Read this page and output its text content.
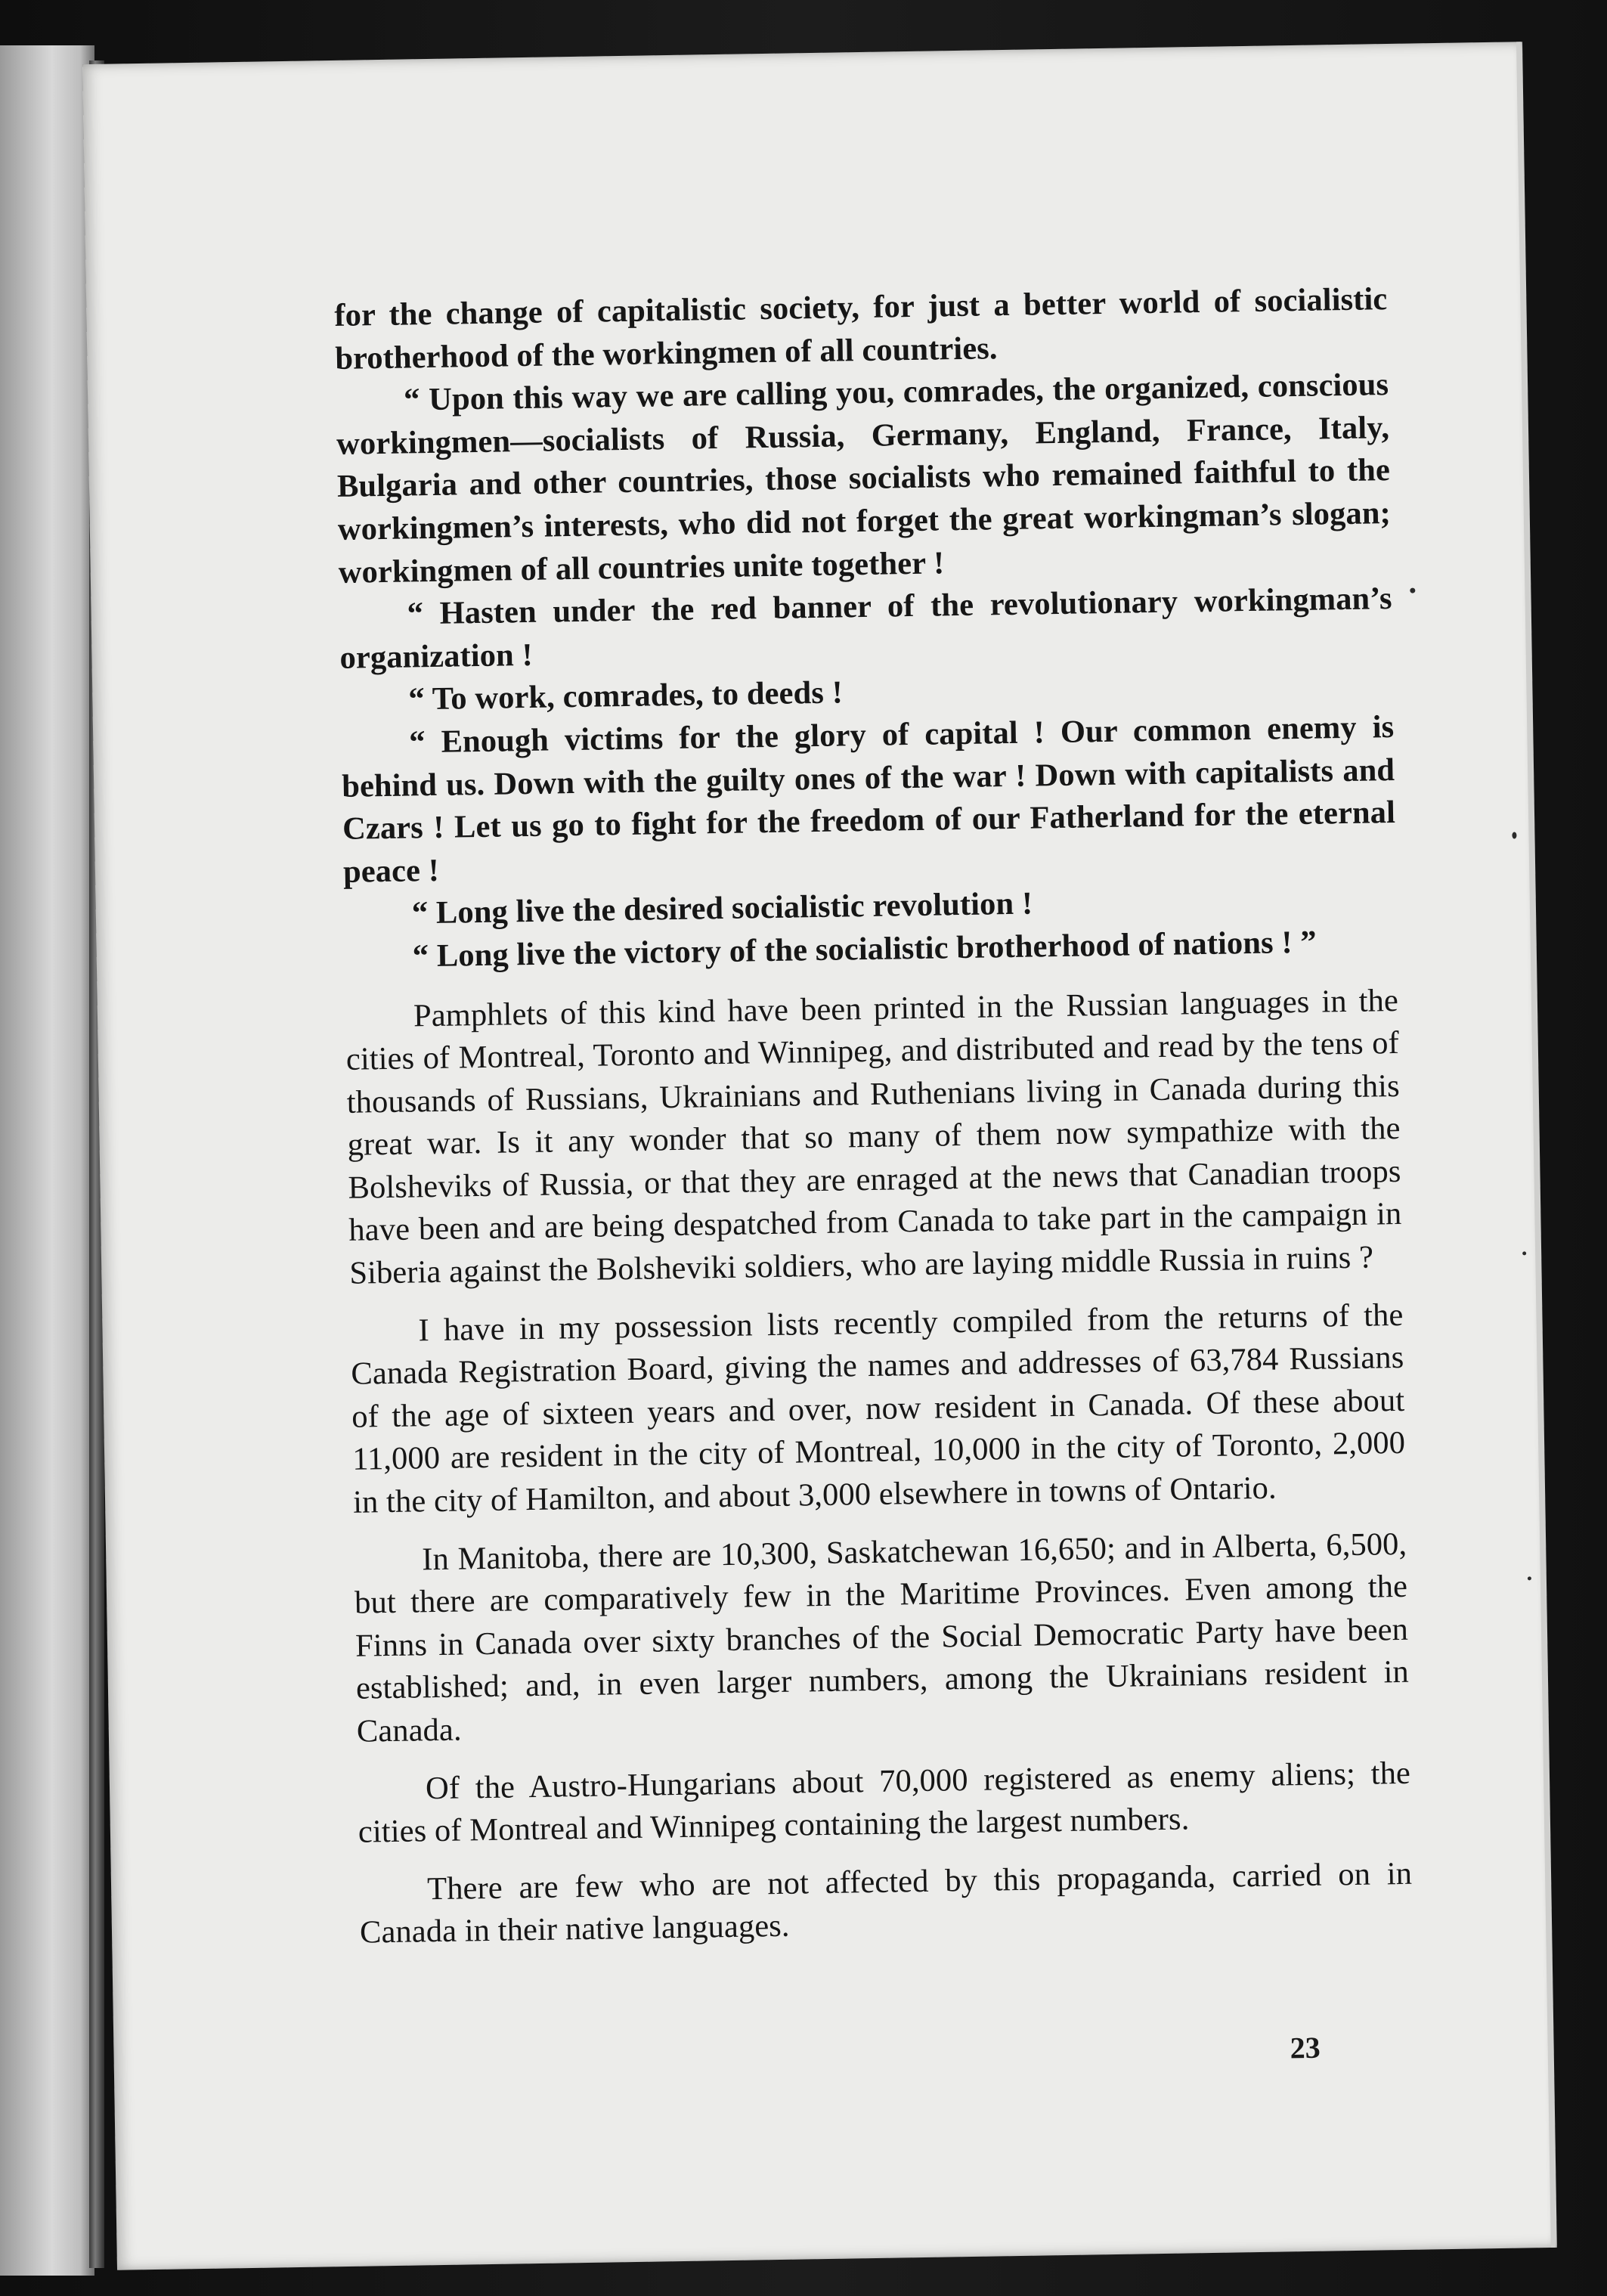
for the change of capitalistic society, for just a better world of socialistic brotherhood of the workingmen of all countries.

“ Upon this way we are calling you, comrades, the organized, conscious workingmen—socialists of Russia, Germany, England, France, Italy, Bulgaria and other countries, those socialists who remained faithful to the workingmen’s interests, who did not forget the great workingman’s slogan; workingmen of all countries unite together !

“ Hasten under the red banner of the revolutionary workingman’s organization !

“ To work, comrades, to deeds !

“ Enough victims for the glory of capital ! Our common enemy is behind us. Down with the guilty ones of the war ! Down with capitalists and Czars ! Let us go to fight for the freedom of our Fatherland for the eternal peace !

“ Long live the desired socialistic revolution !

“ Long live the victory of the socialistic brotherhood of nations ! ”

Pamphlets of this kind have been printed in the Russian languages in the cities of Montreal, Toronto and Winnipeg, and distributed and read by the tens of thousands of Russians, Ukrainians and Ruthenians living in Canada during this great war. Is it any wonder that so many of them now sympathize with the Bolsheviks of Russia, or that they are enraged at the news that Canadian troops have been and are being despatched from Canada to take part in the campaign in Siberia against the Bolsheviki soldiers, who are laying middle Russia in ruins ?

I have in my possession lists recently compiled from the returns of the Canada Registration Board, giving the names and addresses of 63,784 Russians of the age of sixteen years and over, now resident in Canada. Of these about 11,000 are resident in the city of Montreal, 10,000 in the city of Toronto, 2,000 in the city of Hamilton, and about 3,000 elsewhere in towns of Ontario.

In Manitoba, there are 10,300, Saskatchewan 16,650; and in Alberta, 6,500, but there are comparatively few in the Maritime Provinces. Even among the Finns in Canada over sixty branches of the Social Democratic Party have been established; and, in even larger numbers, among the Ukrainians resident in Canada.

Of the Austro-Hungarians about 70,000 registered as enemy aliens; the cities of Montreal and Winnipeg containing the largest numbers.

There are few who are not affected by this propaganda, carried on in Canada in their native languages.

23
